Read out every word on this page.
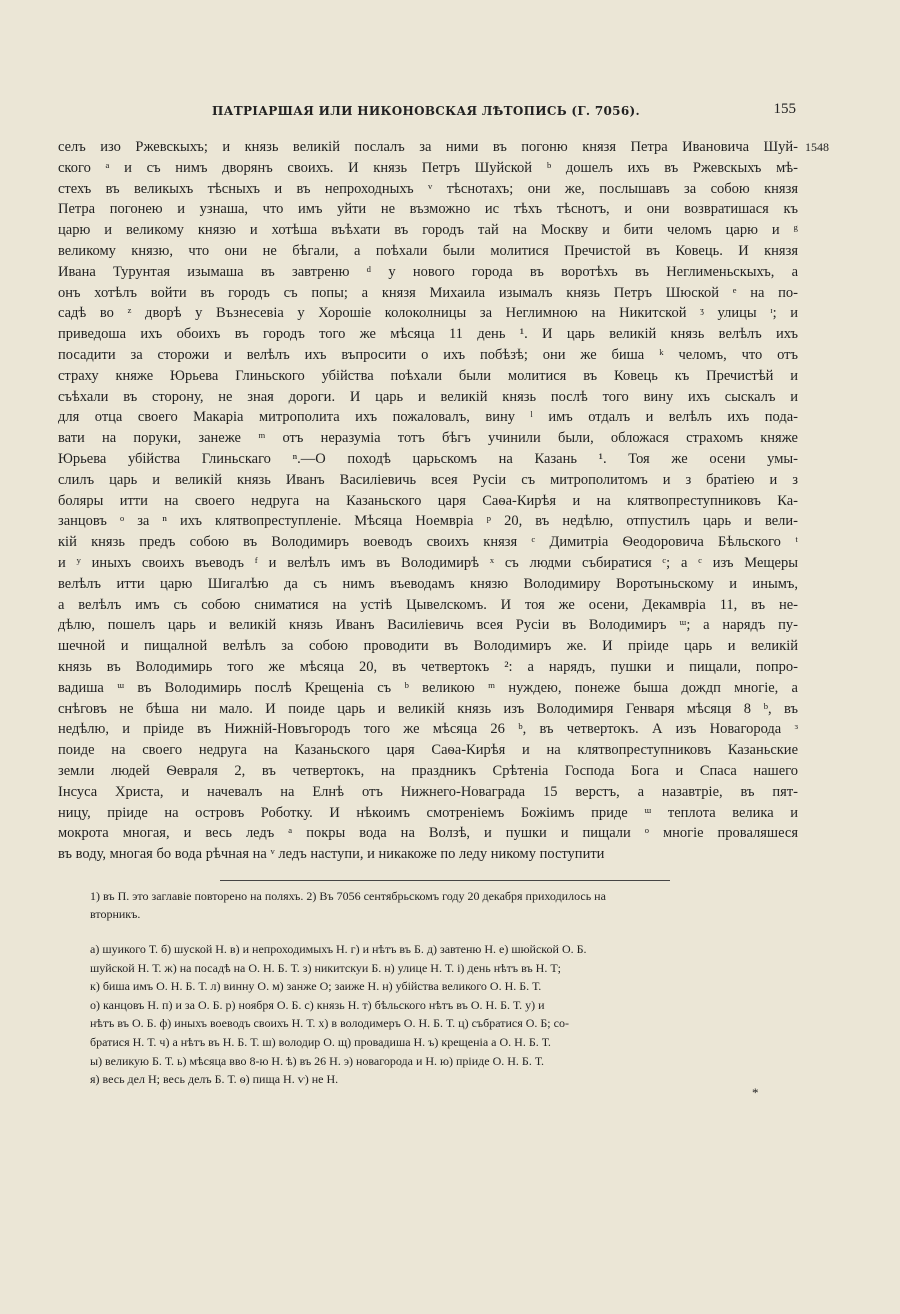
ПАТРІАРШАЯ ИЛИ НИКОНОВСКАЯ ЛѢТОПИСЬ (Г. 7056).	155
1548
селъ изо Ржевскыхъ; и князь великій послалъ за ними въ погоню князя Петра Ивановича Шуй-
ского ᵃ и съ нимъ дворянъ своихъ. И князь Петръ Шуйской ᵇ дошелъ ихъ въ Ржевскыхъ мѣ-
стехъ въ великыхъ тѣсныхъ и въ непроходныхъ ᵛ тѣснотахъ; они же, послышавъ за собою князя
Петра погонею и узнаша, что имъ уйти не възможно ис тѣхъ тѣснотъ, и они возвратишася къ
царю и великому князю и хотѣша въѣхати въ городъ тай на Москву и бити челомъ царю и ᵍ
великому князю, что они не бѣгали, а поѣхали были молитися Пречистой въ Ковець. И князя
Ивана Турунтая изымаша въ завтреню ᵈ у нового города въ воротѣхъ въ Неглименьскыхъ, а
онъ хотѣлъ войти въ городъ съ попы; а князя Михаила изымалъ князь Петръ Шюской ᵉ на по-
садѣ во ᶻ дворѣ у Възнесевіа у Хорошіе колоколницы за Неглимною на Никитской ᶾ улицы ᶦ; и
приведоша ихъ обоихъ въ городъ того же мѣсяца 11 день ¹. И царь великій князь велѣлъ ихъ
посадити за сторожи и велѣлъ ихъ въпросити о ихъ побѣзѣ; они же биша ᵏ челомъ, что отъ
страху княже Юрьева Глиньского убійства поѣхали были молитися въ Ковець къ Пречистѣй и
съѣхали въ сторону, не зная дороги. И царь и великій князь послѣ того вину ихъ сыскалъ и
для отца своего Макаріа митрополита ихъ пожаловалъ, вину ˡ имъ отдалъ и велѣлъ ихъ пода-
вати на поруки, занеже ᵐ отъ неразуміа тотъ бѣгъ учинили были, обложася страхомъ княже
Юрьева убійства Глиньскаго ⁿ.—О походѣ царьскомъ на Казань ¹. Тоя же осени умы-
слилъ царь и великій князь Иванъ Василіевичь всея Русіи съ митрополитомъ и з братіею и з
боляры итти на своего недруга на Казаньского царя Саѳа-Кирѣя и на клятвопреступниковъ Ка-
занцовъ ᵒ за ⁿ ихъ клятвопреступленіе. Мѣсяца Ноемвріа ᵖ 20, въ недѣлю, отпустилъ царь и вели-
кій князь предъ собою въ Володимиръ воеводъ своихъ князя ᶜ Димитріа Ѳеодоровича Бѣльского ᵗ
и ʸ иныхъ своихъ въеводъ ᶠ и велѣлъ имъ въ Володимирѣ ˣ съ людми събиратися ᶜ; а ᶜ изъ Мещеры
велѣлъ итти царю Шигалѣю да съ нимъ въеводамъ князю Володимиру Воротыньскому и инымъ,
а велѣлъ имъ съ собою сниматися на устіѣ Цывелскомъ. И тоя же осени, Декамвріа 11, въ не-
дѣлю, пошелъ царь и великій князь Иванъ Василіевичь всея Русіи въ Володимиръ ᵚ; а нарядъ пу-
шечной и пищалной велѣлъ за собою проводити въ Володимиръ же. И пріиде царь и великій
князь въ Володимирь того же мѣсяца 20, въ четвертокъ ²: а нарядъ, пушки и пищали, попро-
вадиша ᵚ въ Володимирь послѣ Крещеніа съ ᵇ великою ᵐ нуждею, понеже быша дождп многіе, а
снѣговъ не бѣша ни мало. И поиде царь и великій князь изъ Володимиря Генваря мѣсяця 8 ᵇ, въ
недѣлю, и пріиде въ Нижній-Новъгородъ того же мѣсяца 26 ᵇ, въ четвертокъ. А изъ Новагорода ᵌ
поиде на своего недруга на Казаньского царя Саѳа-Кирѣя и на клятвопреступниковъ Казаньские
земли людей Ѳевраля 2, въ четвертокъ, на праздникъ Срѣтеніа Господа Бога и Спаса нашего
Інсуса Христа, и начевалъ на Елнѣ отъ Нижнего-Новаграда 15 верстъ, а назавтріе, въ пят-
ницу, пріиде на островъ Роботку. И нѣкоимъ смотреніемъ Божіимъ приде ᵚ теплота велика и
мокрота многая, и весь ледъ ᵃ покры вода на Волзѣ, и пушки и пищали ᵒ многіе проваляшеся
въ воду, многая бо вода рѣчная на ᵛ ледъ наступи, и никакоже по леду никому поступити
1) въ П. это заглавіе повторено на поляхъ. 2) Въ 7056 сентябрьскомъ году 20 декабря приходилось на
вторникъ.
а) шуикого Т. б) шуской Н. в) и непроходимыхъ Н. г) и нѣтъ въ Б. д) завтеню Н. е) шюйской О. Б.
шуйской Н. Т. ж) на посадѣ на О. Н. Б. Т. з) никитскуи Б. н) улице Н. Т. і) день нѣтъ въ Н. Т;
к) биша имъ О. Н. Б. Т. л) винну О. м) занже О; заиже Н. н) убійства великого О. Н. Б. Т.
о) канцовъ Н. п) и за О. Б. р) ноября О. Б. с) князь Н. т) бѣльского нѣтъ въ О. Н. Б. Т. у) и
нѣтъ въ О. Б. ф) иныхъ воеводъ своихъ Н. Т. х) в володимеръ О. Н. Б. Т. ц) събратися О. Б; со-
братися Н. Т. ч) а нѣтъ въ Н. Б. Т. ш) володир О. щ) провадиша Н. ъ) крещеніа а О. Н. Б. Т.
ы) великую Б. Т. ь) мѣсяца вво 8-ю Н. ѣ) въ 26 Н. э) новагорода и Н. ю) пріиде О. Н. Б. Т.
я) весь дел Н; весь делъ Б. Т. ѳ) пища Н. ѵ) не Н.
*
